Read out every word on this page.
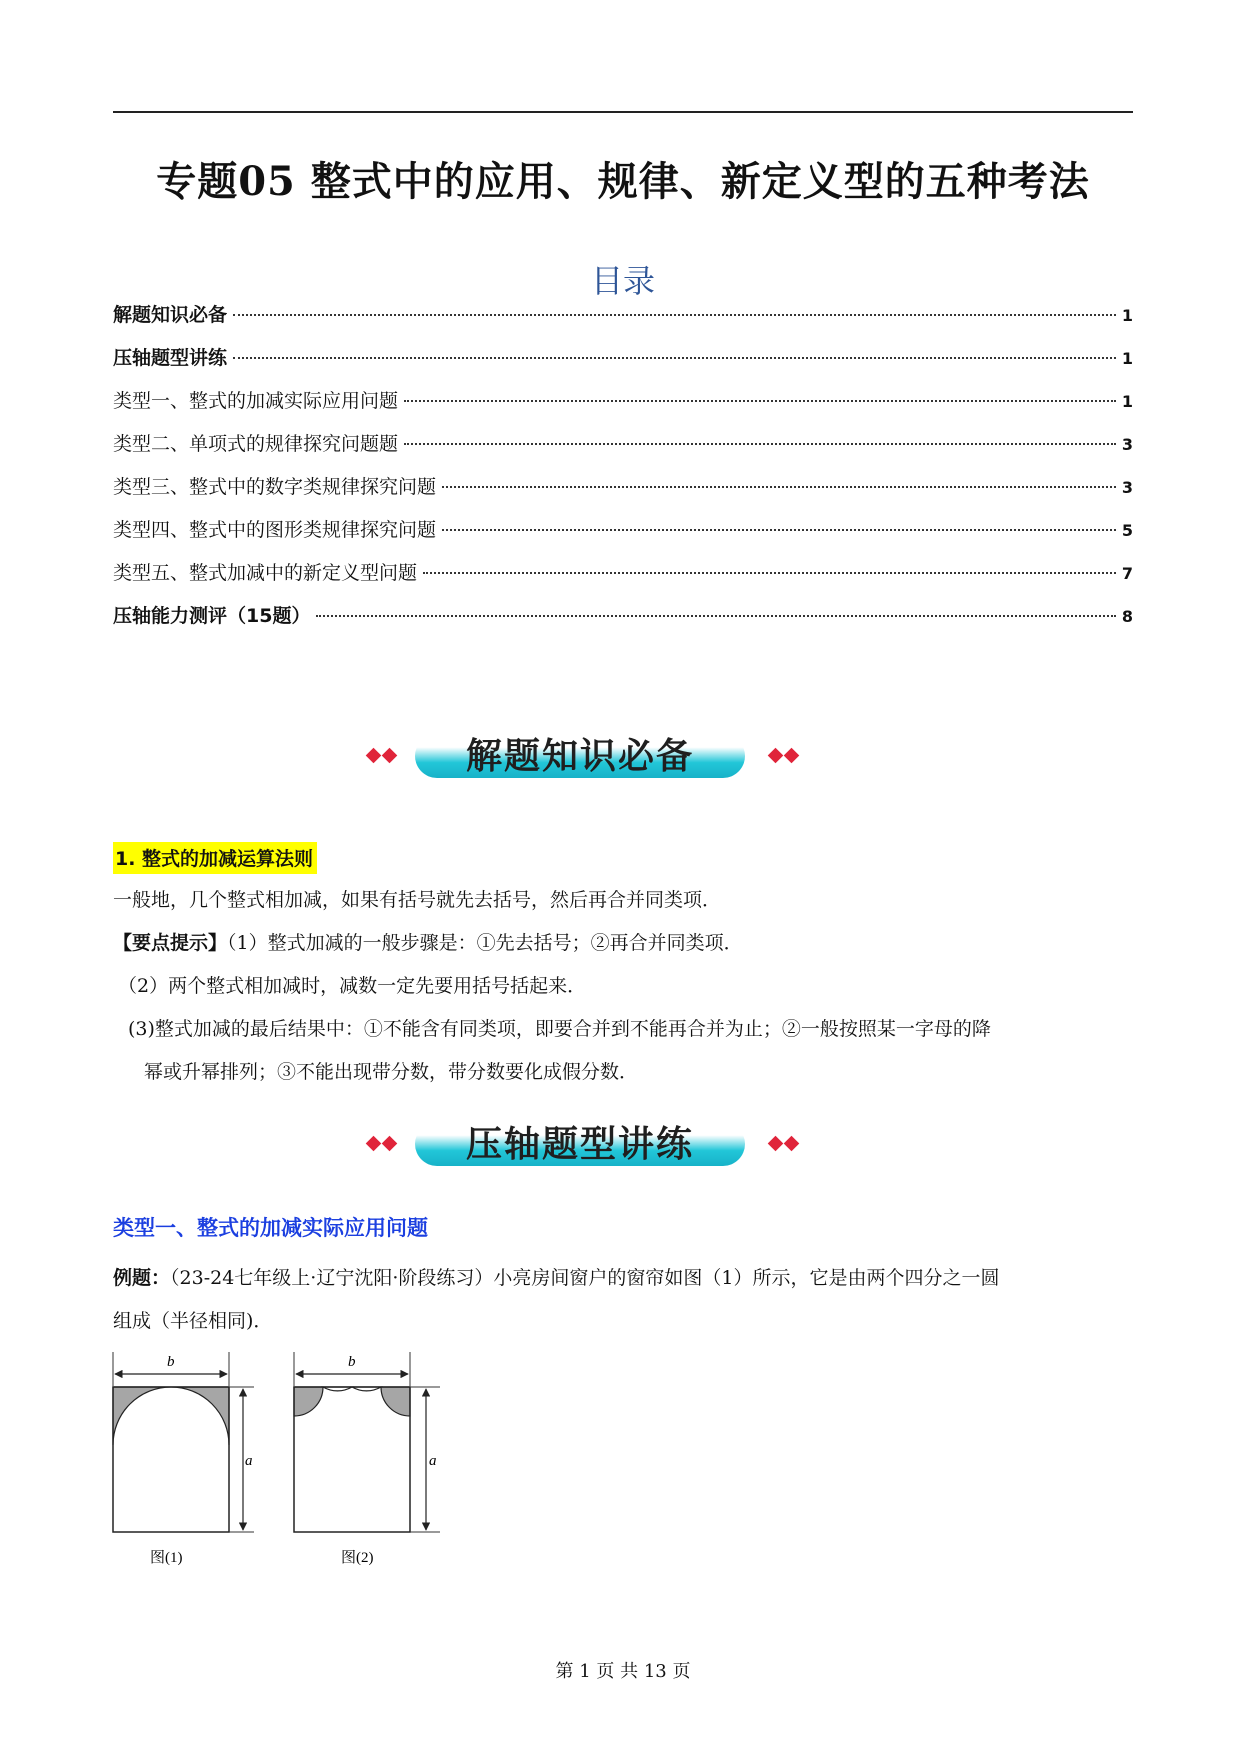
专题05 整式中的应用、规律、新定义型的五种考法
目录
解题知识必备	1
压轴题型讲练	1
类型一、整式的加减实际应用问题	1
类型二、单项式的规律探究问题题	3
类型三、整式中的数字类规律探究问题	3
类型四、整式中的图形类规律探究问题	5
类型五、整式加减中的新定义型问题	7
压轴能力测评（15题）	8
解题知识必备
1. 整式的加减运算法则
一般地，几个整式相加减，如果有括号就先去括号，然后再合并同类项．
【要点提示】（1）整式加减的一般步骤是：①先去括号；②再合并同类项．
（2）两个整式相加减时，减数一定先要用括号括起来．
(3)整式加减的最后结果中：①不能含有同类项，即要合并到不能再合并为止；②一般按照某一字母的降
幂或升幂排列；③不能出现带分数，带分数要化成假分数．
压轴题型讲练
类型一、整式的加减实际应用问题
例题：（23-24七年级上·辽宁沈阳·阶段练习）小亮房间窗户的窗帘如图（1）所示，它是由两个四分之一圆
组成（半径相同)．
b
a
图(1)
b
a
图(2)
第 1 页 共 13 页
